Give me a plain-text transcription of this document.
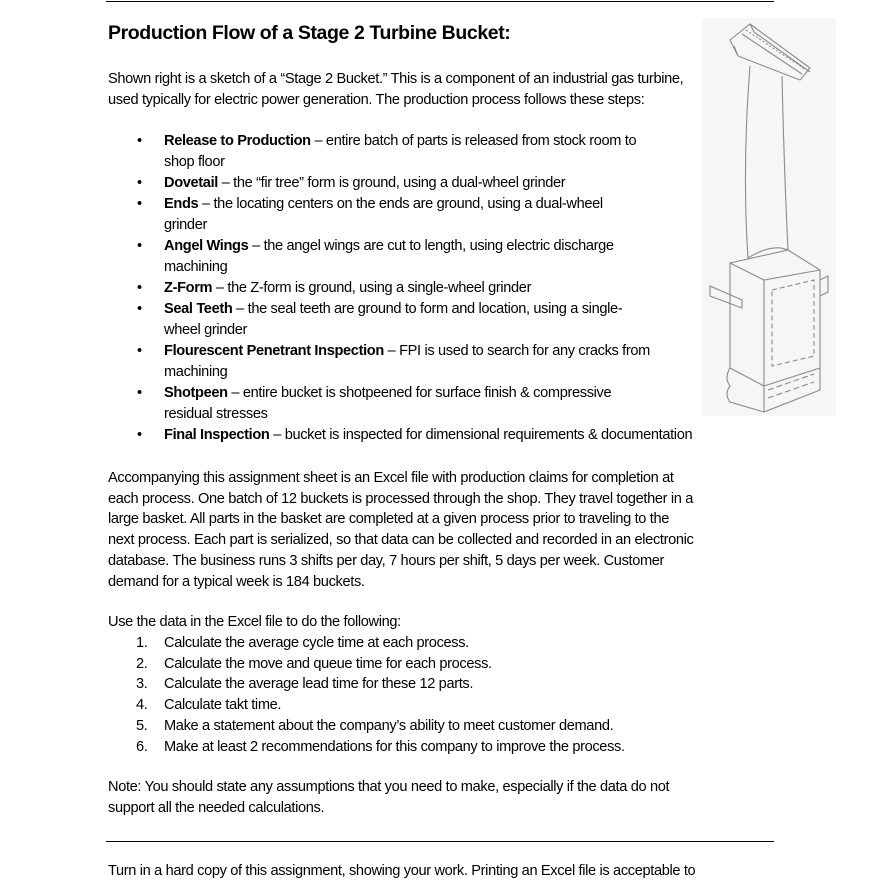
Production Flow of a Stage 2 Turbine Bucket:

Shown right is a sketch of a “Stage 2 Bucket.” This is a component of an industrial gas turbine, used typically for electric power generation. The production process follows these steps:

• Release to Production – entire batch of parts is released from stock room to
shop floor
• Dovetail – the “fir tree” form is ground, using a dual-wheel grinder
• Ends – the locating centers on the ends are ground, using a dual-wheel
grinder
• Angel Wings – the angel wings are cut to length, using electric discharge
machining
• Z-Form – the Z-form is ground, using a single-wheel grinder
• Seal Teeth – the seal teeth are ground to form and location, using a single-
wheel grinder
• Flourescent Penetrant Inspection – FPI is used to search for any cracks from
machining
• Shotpeen – entire bucket is shotpeened for surface finish & compressive
residual stresses
• Final Inspection – bucket is inspected for dimensional requirements & documentation

Accompanying this assignment sheet is an Excel file with production claims for completion at
each process. One batch of 12 buckets is processed through the shop. They travel together in a
large basket. All parts in the basket are completed at a given process prior to traveling to the
next process. Each part is serialized, so that data can be collected and recorded in an electronic
database. The business runs 3 shifts per day, 7 hours per shift, 5 days per week. Customer
demand for a typical week is 184 buckets.

Use the data in the Excel file to do the following:

1. Calculate the average cycle time at each process.
2. Calculate the move and queue time for each process.
3. Calculate the average lead time for these 12 parts.
4. Calculate takt time.
5. Make a statement about the company’s ability to meet customer demand.
6. Make at least 2 recommendations for this company to improve the process.

Note: You should state any assumptions that you need to make, especially if the data do not
support all the needed calculations.

Turn in a hard copy of this assignment, showing your work. Printing an Excel file is acceptable to
